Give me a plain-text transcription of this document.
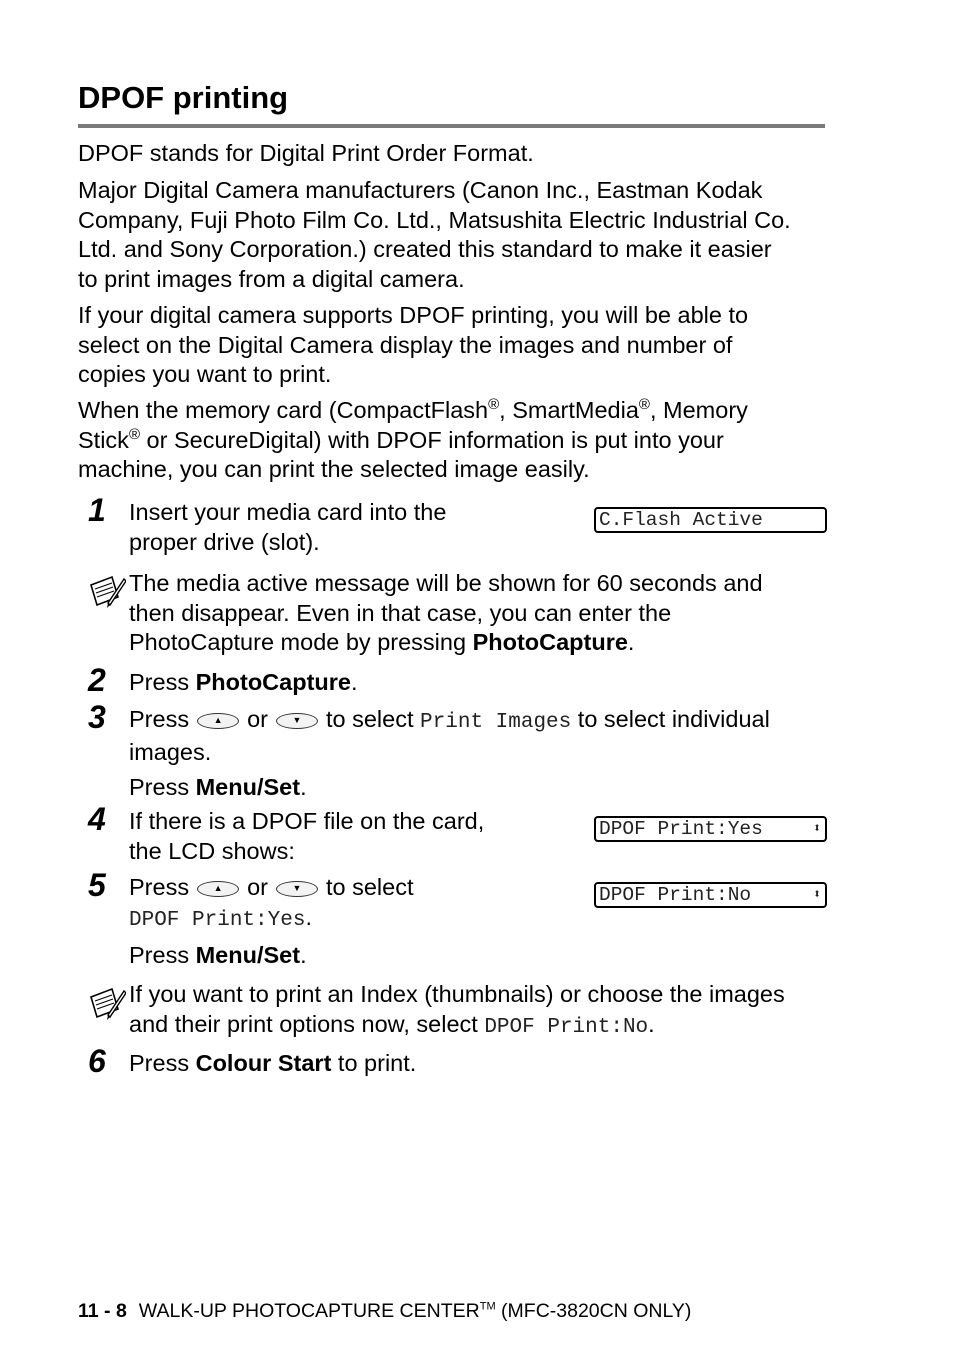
DPOF printing

DPOF stands for Digital Print Order Format.

Major Digital Camera manufacturers (Canon Inc., Eastman Kodak
Company, Fuji Photo Film Co. Ltd., Matsushita Electric Industrial Co.
Ltd. and Sony Corporation.) created this standard to make it easier
to print images from a digital camera.
If your digital camera supports DPOF printing, you will be able to
select on the Digital Camera display the images and number of
copies you want to print.
When the memory card (CompactFlash®, SmartMedia®, Memory
Stick® or SecureDigital) with DPOF information is put into your
machine, you can print the selected image easily.
1 Insert your media card into the
proper drive (slot).
C.Flash Active
The media active message will be shown for 60 seconds and
then disappear. Even in that case, you can enter the
PhotoCapture mode by pressing PhotoCapture.
2 Press PhotoCapture.
3 Press	▲	or	▼	to select Print Images to select individual
images.
Press Menu/Set.
4 If there is a DPOF file on the card,
the LCD shows:
DPOF Print:Yes	⬍
5 Press	▲	or	▼	to select
DPOF Print:Yes.
Press Menu/Set.
DPOF Print:No	⬍
If you want to print an Index (thumbnails) or choose the images
and their print options now, select DPOF Print:No.
6 Press Colour Start to print.
11 - 8 WALK-UP PHOTOCAPTURE CENTER™ (MFC-3820CN ONLY)
